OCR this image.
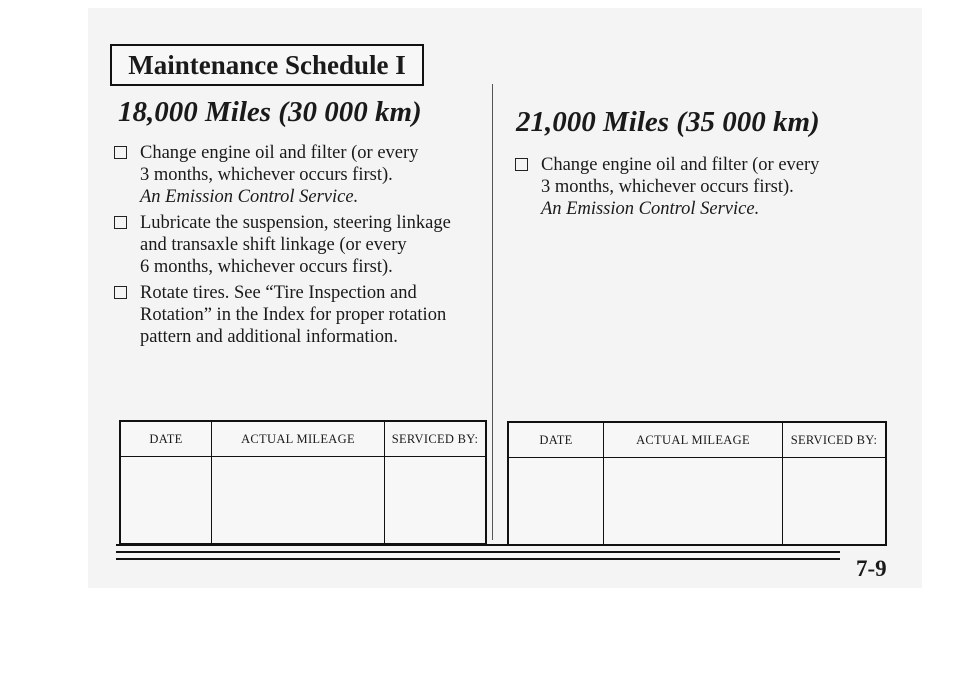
Maintenance Schedule I
18,000 Miles (30 000 km)
Change engine oil and filter (or every
3 months, whichever occurs first).
An Emission Control Service.
Lubricate the suspension, steering linkage
and transaxle shift linkage (or every
6 months, whichever occurs first).
Rotate tires. See “Tire Inspection and
Rotation” in the Index for proper rotation
pattern and additional information.
DATE	ACTUAL MILEAGE	SERVICED BY:

21,000 Miles (35 000 km)
Change engine oil and filter (or every
3 months, whichever occurs first).
An Emission Control Service.
DATE	ACTUAL MILEAGE	SERVICED BY:

7-9
